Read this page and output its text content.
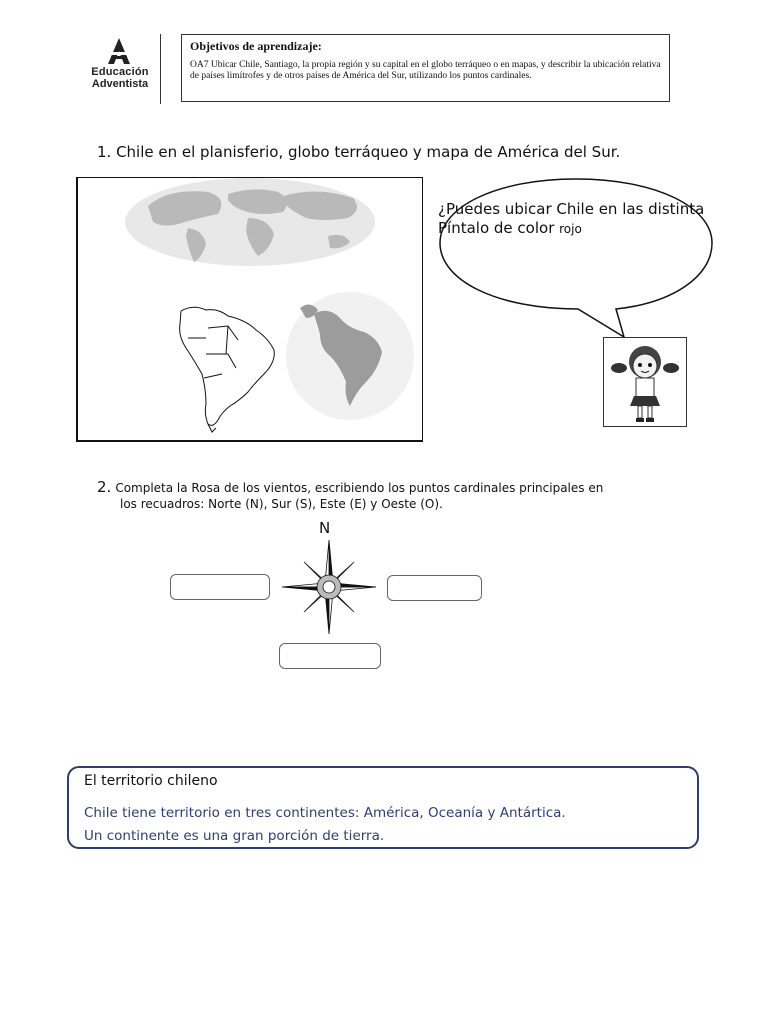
Educación
Adventista

Objetivos de aprendizaje:

OA7 Ubicar Chile, Santiago, la propia región y su capital en el globo terráqueo o en mapas, y describir la ubicación relativa de países limítrofes y de otros países de América del Sur, utilizando los puntos cardinales.

1. Chile en el planisferio, globo terráqueo y mapa de América del Sur.
¿Puedes ubicar Chile en las distinta
Píntalo de color rojo
2. Completa la Rosa de los vientos, escribiendo los puntos cardinales principales en
los recuadros: Norte (N), Sur (S), Este (E) y Oeste (O).
N
El territorio chileno
Chile tiene territorio en tres continentes: América, Oceanía y Antártica.
Un continente es una gran porción de tierra.
